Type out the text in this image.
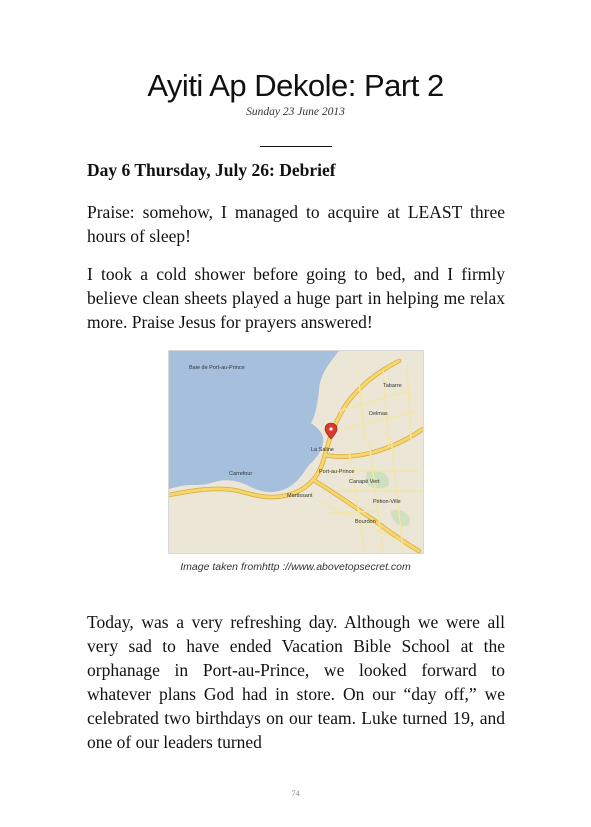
Ayiti Ap Dekole: Part 2
Sunday 23 June 2013
Day 6 Thursday, July 26: Debrief

Praise: somehow, I managed to acquire at LEAST three hours of sleep!

I took a cold shower before going to bed, and I firmly believe clean sheets played a huge part in helping me relax more. Praise Jesus for prayers answered!

Baie de Port-au-Prince
Port-au-Prince
Carrefour
La Saline
Delmas
Pétion-Ville
Martissant
Bourdon
Canapé Vert
Tabarre
Image taken fromhttp ://www.abovetopsecret.com

Today, was a very refreshing day. Although we were all very sad to have ended Vacation Bible School at the orphanage in Port-au-Prince, we looked forward to whatever plans God had in store. On our “day off,” we celebrated two birthdays on our team. Luke turned 19, and one of our leaders turned

74
